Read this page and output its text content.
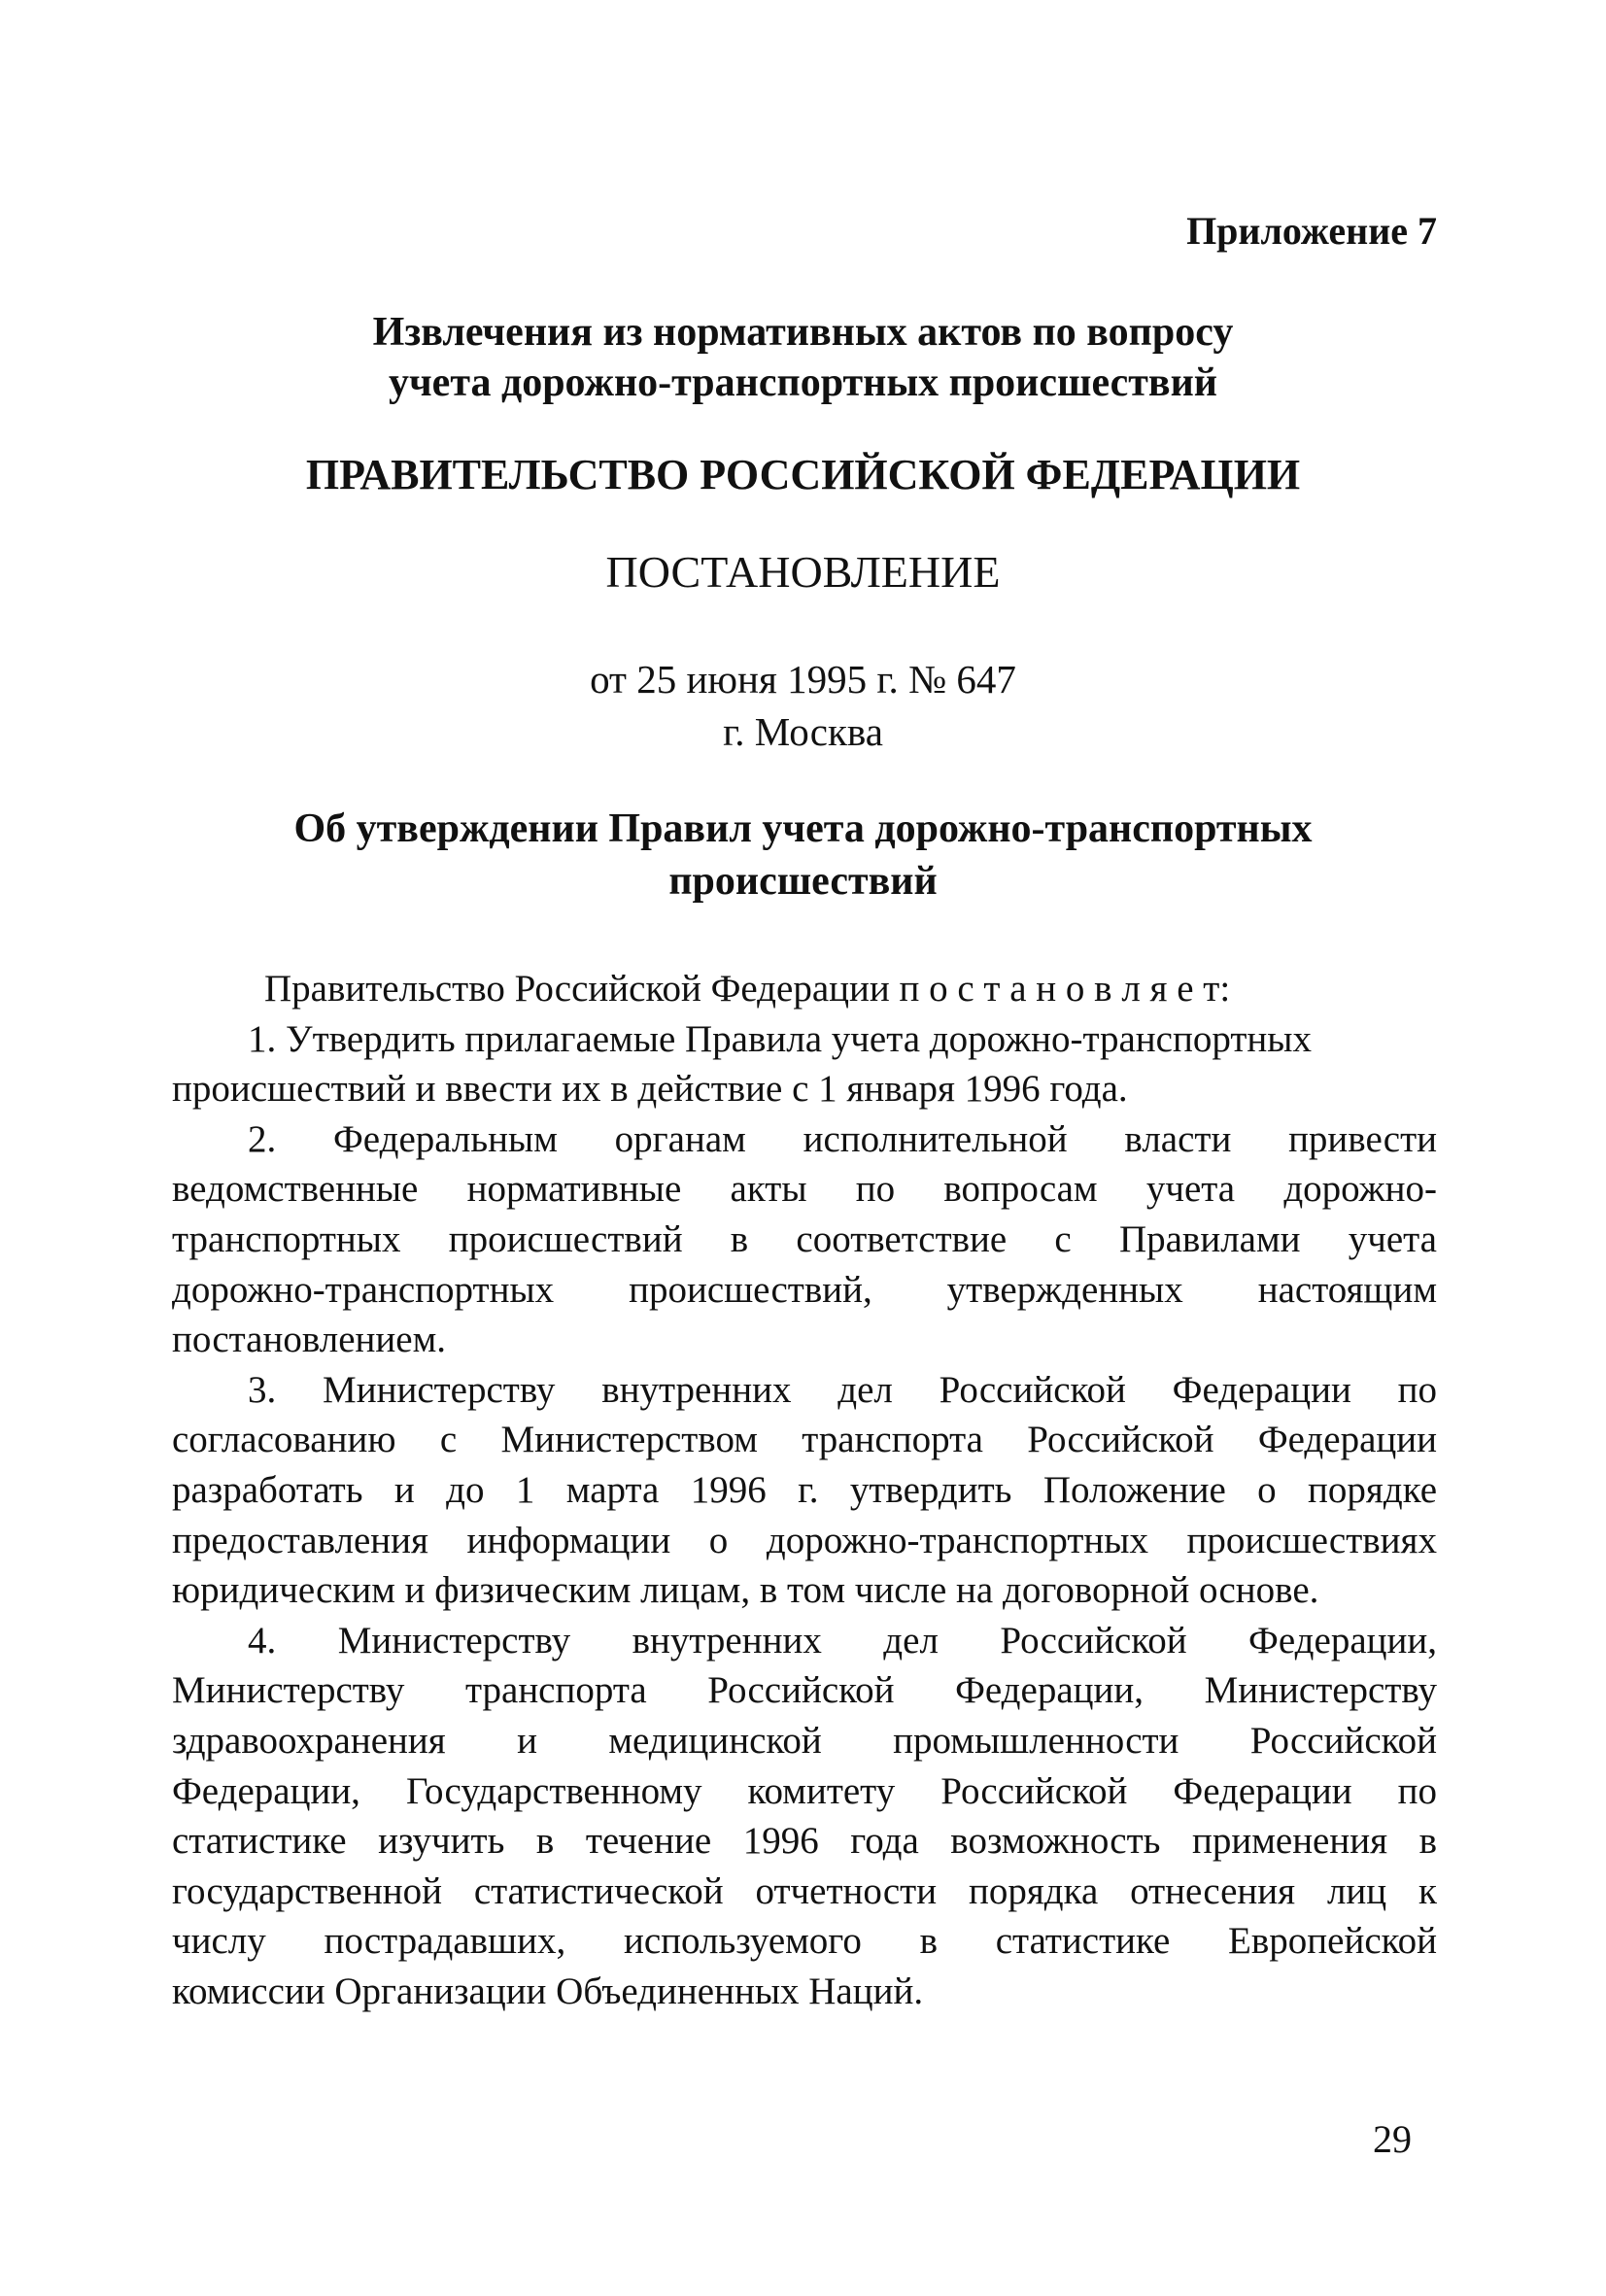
Приложение 7
Извлечения из нормативных актов по вопросу
учета дорожно-транспортных происшествий
ПРАВИТЕЛЬСТВО РОССИЙСКОЙ ФЕДЕРАЦИИ
ПОСТАНОВЛЕНИЕ
от 25 июня 1995 г. № 647
г. Москва
Об утверждении Правил учета дорожно-транспортных
происшествий
Правительство Российской Федерации п о с т а н о в л я е т:
1. Утвердить прилагаемые Правила учета дорожно-транспортных
происшествий и ввести их в действие с 1 января 1996 года.
2. Федеральным органам исполнительной власти привести
ведомственные нормативные акты по вопросам учета дорожно-
транспортных происшествий в соответствие с Правилами учета
дорожно-транспортных происшествий, утвержденных настоящим
постановлением.
3. Министерству внутренних дел Российской Федерации по
согласованию с Министерством транспорта Российской Федерации
разработать и до 1 марта 1996 г. утвердить Положение о порядке
предоставления информации о дорожно-транспортных происшествиях
юридическим и физическим лицам, в том числе на договорной основе.
4. Министерству внутренних дел Российской Федерации,
Министерству транспорта Российской Федерации, Министерству
здравоохранения и медицинской промышленности Российской
Федерации, Государственному комитету Российской Федерации по
статистике изучить в течение 1996 года возможность применения в
государственной статистической отчетности порядка отнесения лиц к
числу пострадавших, используемого в статистике Европейской
комиссии Организации Объединенных Наций.
29
